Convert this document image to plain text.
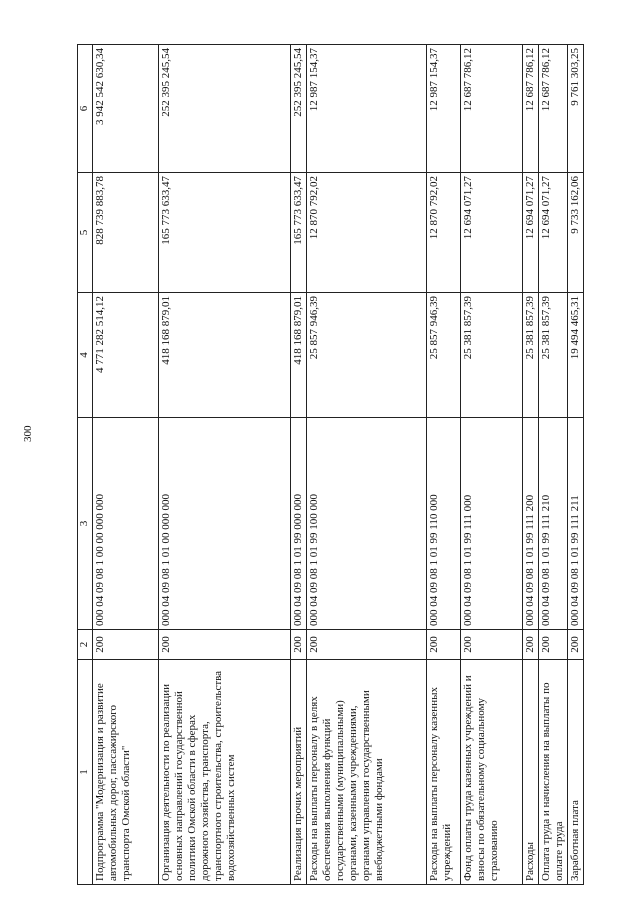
300
1	2	3	4	5	6
Подпрограмма "Модернизация и развитие автомобильных дорог, пассажирского транспорта Омской области"	200	000 04 09 08 1 00 00 000 000	4 771 282 514,12	828 739 883,78	3 942 542 630,34
Организация деятельности по реализации основных направлений государственной политики Омской области в сферах дорожного хозяйства, транспорта, транспортного строительства, строительства водохозяйственных систем	200	000 04 09 08 1 01 00 000 000	418 168 879,01	165 773 633,47	252 395 245,54
Реализация прочих мероприятий	200	000 04 09 08 1 01 99 000 000	418 168 879,01	165 773 633,47	252 395 245,54
Расходы на выплаты персоналу в целях обеспечения выполнения функций государственными (муниципальными) органами, казенными учреждениями, органами управления государственными внебюджетными фондами	200	000 04 09 08 1 01 99 100 000	25 857 946,39	12 870 792,02	12 987 154,37
Расходы на выплаты персоналу казенных учреждений	200	000 04 09 08 1 01 99 110 000	25 857 946,39	12 870 792,02	12 987 154,37
Фонд оплаты труда казенных учреждений и взносы по обязательному социальному страхованию	200	000 04 09 08 1 01 99 111 000	25 381 857,39	12 694 071,27	12 687 786,12
Расходы	200	000 04 09 08 1 01 99 111 200	25 381 857,39	12 694 071,27	12 687 786,12
Оплата труда и начисления на выплаты по оплате труда	200	000 04 09 08 1 01 99 111 210	25 381 857,39	12 694 071,27	12 687 786,12
Заработная плата	200	000 04 09 08 1 01 99 111 211	19 494 465,31	9 733 162,06	9 761 303,25
